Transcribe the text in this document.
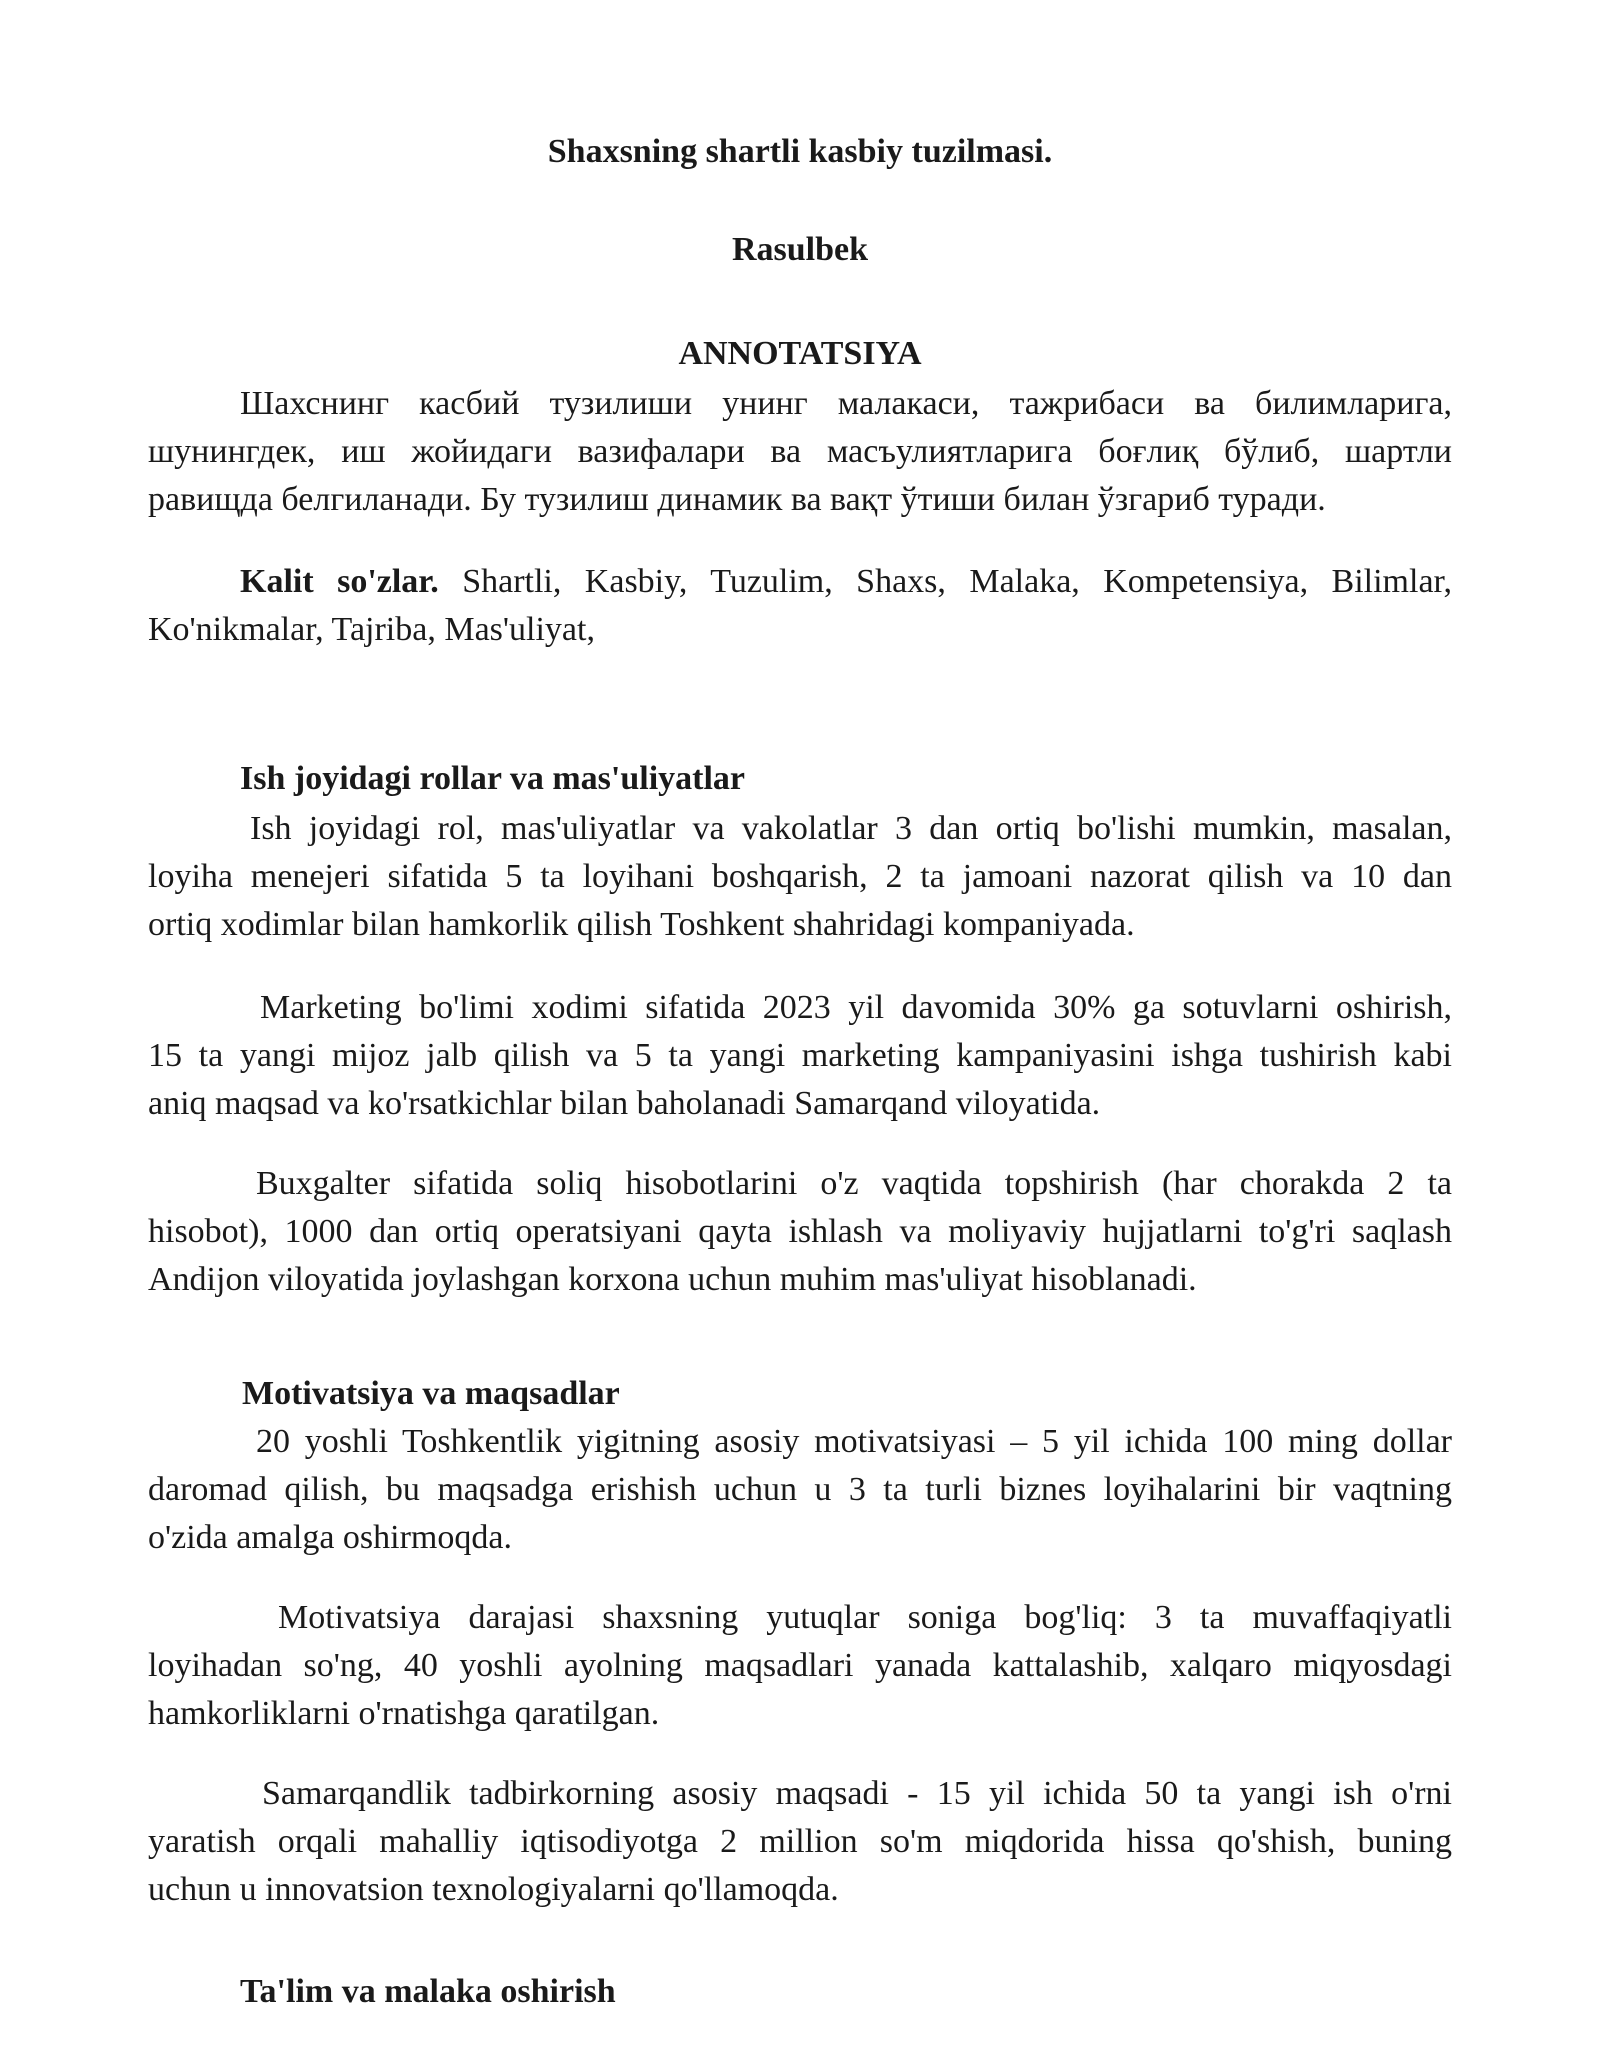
Shaxsning shartli kasbiy tuzilmasi.

Rasulbek

ANNOTATSIYA

Шахснинг касбий тузилиши унинг малакаси, тажрибаси ва билимларига,

шунингдек, иш жойидаги вазифалари ва масъулиятларига боғлиқ бўлиб, шартли

равищда белгиланади. Бу тузилиш динамик ва вақт ўтиши билан ўзгариб туради.

Kalit so'zlar. Shartli, Kasbiy, Tuzulim, Shaxs, Malaka, Kompetensiya, Bilimlar,

Ko'nikmalar, Tajriba, Mas'uliyat,

Ish joyidagi rollar va mas'uliyatlar

Ish joyidagi rol, mas'uliyatlar va vakolatlar 3 dan ortiq bo'lishi mumkin, masalan,

loyiha menejeri sifatida 5 ta loyihani boshqarish, 2 ta jamoani nazorat qilish va 10 dan

ortiq xodimlar bilan hamkorlik qilish Toshkent shahridagi kompaniyada.

Marketing bo'limi xodimi sifatida 2023 yil davomida 30% ga sotuvlarni oshirish,

15 ta yangi mijoz jalb qilish va 5 ta yangi marketing kampaniyasini ishga tushirish kabi

aniq maqsad va ko'rsatkichlar bilan baholanadi Samarqand viloyatida.

Buxgalter sifatida soliq hisobotlarini o'z vaqtida topshirish (har chorakda 2 ta

hisobot), 1000 dan ortiq operatsiyani qayta ishlash va moliyaviy hujjatlarni to'g'ri saqlash

Andijon viloyatida joylashgan korxona uchun muhim mas'uliyat hisoblanadi.

Motivatsiya va maqsadlar

20 yoshli Toshkentlik yigitning asosiy motivatsiyasi – 5 yil ichida 100 ming dollar

daromad qilish, bu maqsadga erishish uchun u 3 ta turli biznes loyihalarini bir vaqtning

o'zida amalga oshirmoqda.

Motivatsiya darajasi shaxsning yutuqlar soniga bog'liq: 3 ta muvaffaqiyatli

loyihadan so'ng, 40 yoshli ayolning maqsadlari yanada kattalashib, xalqaro miqyosdagi

hamkorliklarni o'rnatishga qaratilgan.

Samarqandlik tadbirkorning asosiy maqsadi - 15 yil ichida 50 ta yangi ish o'rni

yaratish orqali mahalliy iqtisodiyotga 2 million so'm miqdorida hissa qo'shish, buning

uchun u innovatsion texnologiyalarni qo'llamoqda.

Ta'lim va malaka oshirish
